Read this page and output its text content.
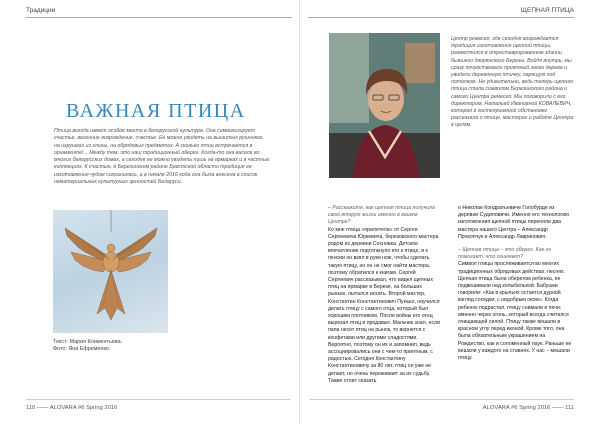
Традиции
ВАЖНАЯ ПТИЦА

Птица всегда имеет особое место в белорусской культуре. Она символизирует счастье, весенние возрождение, счастье. Ее можно увидеть на вышитых рушниках, на игрушках из глины, на обрядовых предметах. А сколько птиц встречается в орнаменте!... Между тем, это наш традиционный оберег. Когда-то она висела во многих белорусских домах, а сегодня ее можно увидеть лишь на ярмарках и в частных коллекциях. К счастью, в Березинском районе Брестской области традиция ее изготовления чудом сохранилась, а в начале 2016 года она была внесена в список нематериальных культурных ценностей Беларуси.

Текст: Мария Климентьева.
Фото: Яна Ефременко.
110 —— ALOVARA #6 Spring 2016
ЩЕПНАЯ ПТИЦА

Центр ремесел, где сегодня возрождается традиция изготовления щепной птицы, разместился в отреставрированном здании бывшего дворянского Березы. Войдя внутрь, мы сразу почувствовали приятный запах дерева и увидели деревянную птичку, парящую под потолком. Не удивительно, ведь теперь щепная птица стала символом Березинского района и самого Центра ремесел. Мы поговорили с его директором, Натальей Ивановной КОВАЛЕВИЧ, которая в гостеприимной обстановке рассказала о птице, мастерах и работе Центра в целом.

– Расскажите, как щепная птица получила свою вторую жизнь именно в вашем Центре?

Ко мне птица «прилетела» от Сергея Сергеевича Юркевича, березовского мастера родом из деревни Сосновка. Детское впечатление подтолкнуло его к птице, и к пенсии он взял в руки нож, чтобы сделать такую птицу, но он не смог найти мастера, поэтому обратился к книгам. Сергей Сергеевич рассказывал, что видел щепных птиц на ярмарке в Березе, на больших рынках, пытался искать. Второй мастер, Константин Константинович Пунько, научился делать птицу с самого отца, который был хорошим плотником. После войны его отец вырезал птиц и продавал. Мальчик знал, если папа несет птиц на рынок, то вернется с конфетами или другими сладостями. Вероятно, поэтому он их и запомнил, ведь ассоциировались они с чем-то приятным, с радостью. Сегодня Константину Константиновичу за 80 лет, птиц он уже не делает, но очень переживает за их судьбу. Также стоит сказать

о Николае Кондратьевиче Голобурде из деревни Судиловичи. Именно его технологию изготовления щепной птицы переняли два мастера нашего Центра – Александр Прокопчук и Александр Лавринович.

– Щепная птица – это оберег. Как он помогает, что означает?

Символ птицы прослеживается во многих традиционных обрядовых действах, песнях. Щепная птица была оберегом ребенка, ее подвешивали над колыбелькой. Бабушки говорили: «Как в крыльях остается дурной взгляд соседки, с недобрым оком». Когда ребенок подрастал, птицу снимали и печи: именно через огонь, который всегда считался очищающей силой. Птицу также вешали в красном углу перед иконой. Кроме того, она была обязательным украшением на Рождество, как и соломенный паук. Раньше ее вешали у каждого на ставнях. У нас – мешали птицу.

ALOVARA #6 Spring 2016 —— 111
